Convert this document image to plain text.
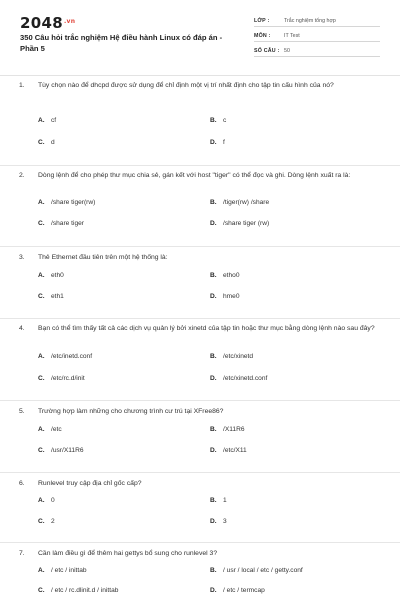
$2048^{.vn}$
350 Câu hỏi trắc nghiệm Hệ điều hành Linux có đáp án - Phần 5
LỚP :	Trắc nghiệm tổng hợp
MÔN :	IT Test
SỐ CÂU : 50
1.	Tùy chọn nào để dhcpd được sử dụng để chỉ định một vị trí nhất định cho tập tin cấu hình của nó?
A. cf	B. c
C. d	D. f
2.	Dòng lệnh để cho phép thư mục chia sẻ, gán kết với host "tiger" có thể đọc và ghi. Dòng lệnh xuất ra là:
A. /share tiger(rw)	B. /tiger(rw) /share
C. /share tiger	D. /share tiger (rw)
3.	Thẻ Ethernet đầu tiên trên một hệ thống là:
A. eth0	B. etho0
C. eth1	D. hme0
4.	Bạn có thể tìm thấy tất cả các dịch vụ quản lý bởi xinetd của tập tin hoặc thư mục bằng dòng lệnh nào sau đây?
A. /etc/inetd.conf	B. /etc/xinetd
C. /etc/rc.d/init	D. /etc/xinetd.conf
5.	Trường hợp làm những cho chương trình cư trú tại XFree86?
A. /etc	B. /X11R6
C. /usr/X11R6	D. /etc/X11
6.	Runlevel truy cập địa chỉ gốc cấp?
A. 0	B. 1
C. 2	D. 3
7.	Cần làm điều gì để thêm hai gettys bổ sung cho runlevel 3?
A. / etc / inittab	B. / usr / local / etc / getty.conf
C. / etc / rc.dlinit.d / inittab	D. / etc / termcap
